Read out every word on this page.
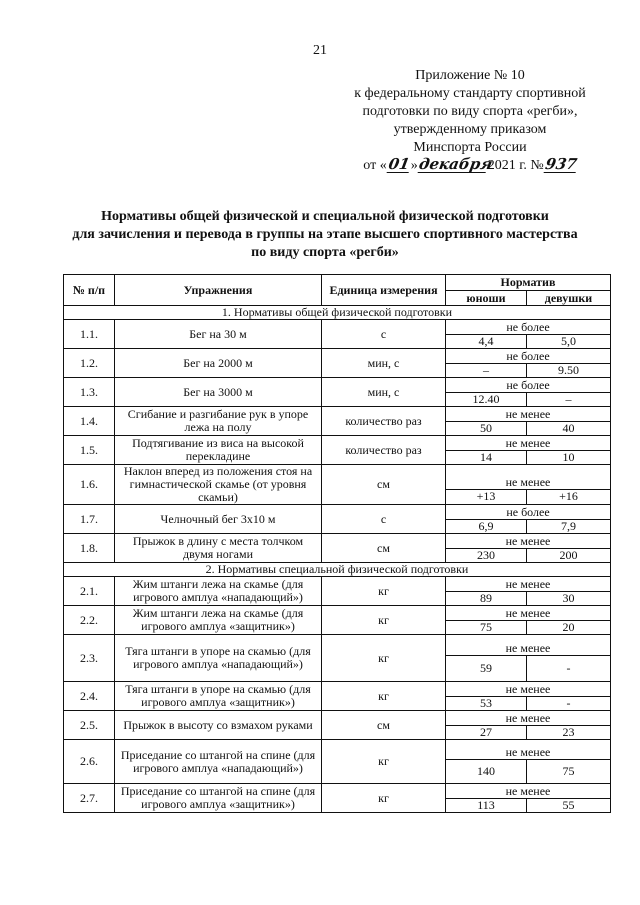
21
Приложение № 10
к федеральному стандарту спортивной
подготовки по виду спорта «регби»,
утвержденному приказом
Минспорта России
от « 01 » декабря
2021 г. № 937
Нормативы общей физической и специальной физической подготовки
для зачисления и перевода в группы на этапе высшего спортивного мастерства
по виду спорта «регби»
№ п/п	Упражнения	Единица измерения	Норматив	
			юноши	девушки
1. Нормативы общей физической подготовки				
1.1.	Бег на 30 м	с	не более	
			4,4	5,0
1.2.	Бег на 2000 м	мин, с	не более	
			–	9.50
1.3.	Бег на 3000 м	мин, с	не более	
			12.40	–
1.4.	Сгибание и разгибание рук в упоре лежа на полу	количество раз	не менее	
			50	40
1.5.	Подтягивание из виса на высокой перекладине	количество раз	не менее	
			14	10
1.6.	Наклон вперед из положения стоя на гимнастической скамье (от уровня скамьи)	см	не менее	
			+13	+16
1.7.	Челночный бег 3х10 м	с	не более	
			6,9	7,9
1.8.	Прыжок в длину с места толчком двумя ногами	см	не менее	
			230	200
2. Нормативы специальной физической подготовки				
2.1.	Жим штанги лежа на скамье (для игрового амплуа «нападающий»)	кг	не менее	
			89	30
2.2.	Жим штанги лежа на скамье (для игрового амплуа «защитник»)	кг	не менее	
			75	20
2.3.	Тяга штанги в упоре на скамью (для игрового амплуа «нападающий»)	кг	не менее	
			59	-
2.4.	Тяга штанги в упоре на скамью (для игрового амплуа «защитник»)	кг	не менее	
			53	-
2.5.	Прыжок в высоту со взмахом руками	см	не менее	
			27	23
2.6.	Приседание со штангой на спине (для игрового амплуа «нападающий»)	кг	не менее	
			140	75
2.7.	Приседание со штангой на спине (для игрового амплуа «защитник»)	кг	не менее	
			113	55
